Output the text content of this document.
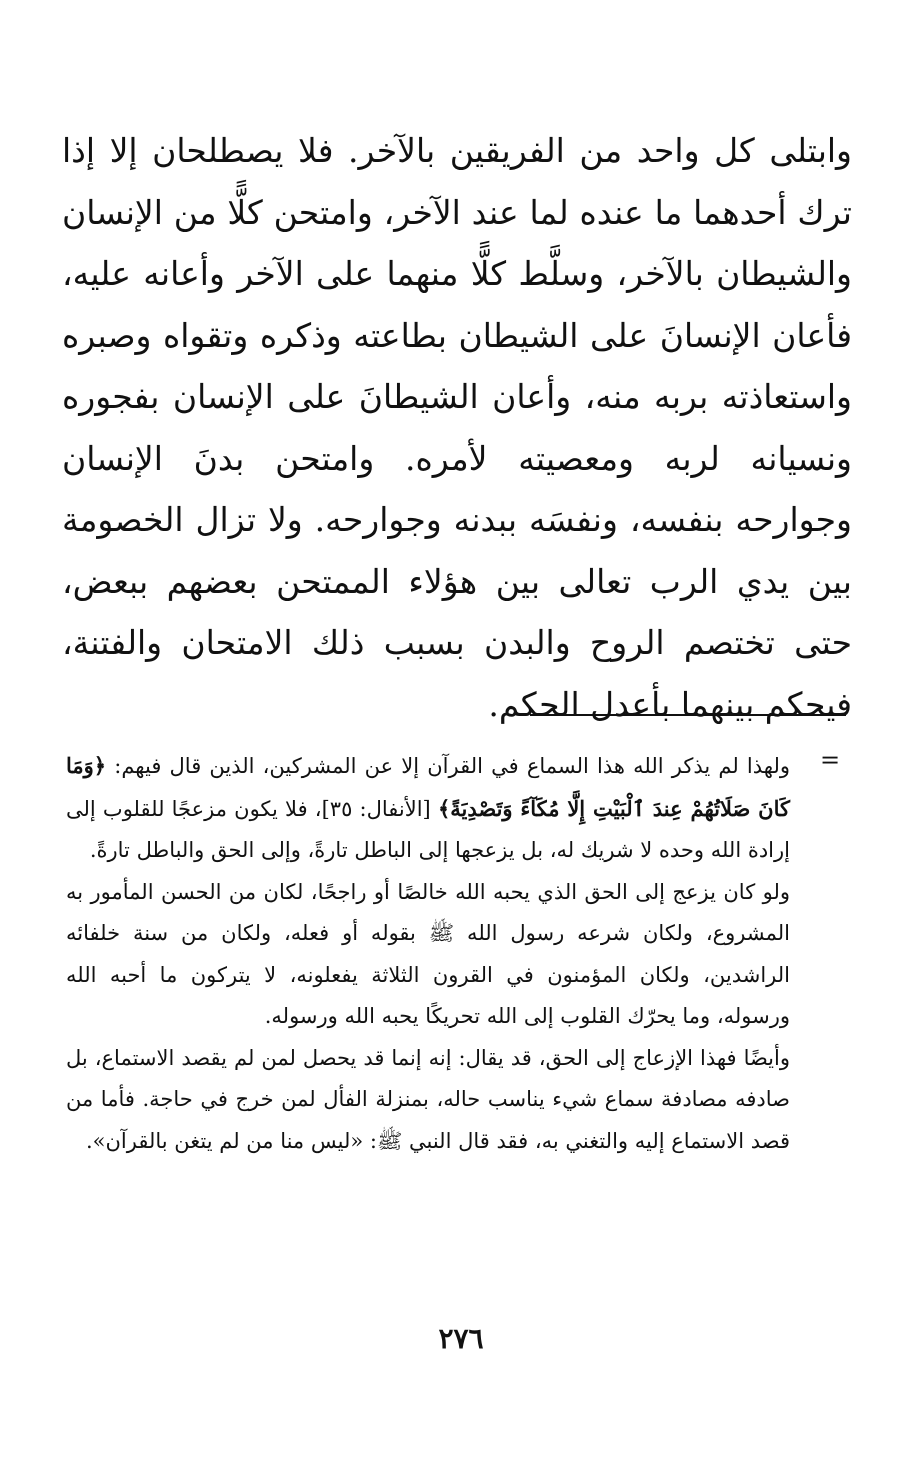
وابتلى كل واحد من الفريقين بالآخر. فلا يصطلحان إلا إذا ترك أحدهما ما عنده لما عند الآخر، وامتحن كلًّا من الإنسان والشيطان بالآخر، وسلَّط كلًّا منهما على الآخر وأعانه عليه، فأعان الإنسانَ على الشيطان بطاعته وذكره وتقواه وصبره واستعاذته بربه منه، وأعان الشيطانَ على الإنسان بفجوره ونسيانه لربه ومعصيته لأمره. وامتحن بدنَ الإنسان وجوارحه بنفسه، ونفسَه ببدنه وجوارحه. ولا تزال الخصومة بين يدي الرب تعالى بين هؤلاء الممتحن بعضهم ببعض، حتى تختصم الروح والبدن بسبب ذلك الامتحان والفتنة، فيحكم بينهما بأعدل الحكم.

=

ولهذا لم يذكر الله هذا السماع في القرآن إلا عن المشركين، الذين قال فيهم: ﴿وَمَا كَانَ صَلَاتُهُمْ عِندَ ٱلْبَيْتِ إِلَّا مُكَآءً وَتَصْدِيَةً﴾ [الأنفال: ٣٥]، فلا يكون مزعجًا للقلوب إلى إرادة الله وحده لا شريك له، بل يزعجها إلى الباطل تارةً، وإلى الحق والباطل تارةً.

ولو كان يزعج إلى الحق الذي يحبه الله خالصًا أو راجحًا، لكان من الحسن المأمور به المشروع، ولكان شرعه رسول الله ﷺ بقوله أو فعله، ولكان من سنة خلفائه الراشدين، ولكان المؤمنون في القرون الثلاثة يفعلونه، لا يتركون ما أحبه الله ورسوله، وما يحرّك القلوب إلى الله تحريكًا يحبه الله ورسوله.

وأيضًا فهذا الإزعاج إلى الحق، قد يقال: إنه إنما قد يحصل لمن لم يقصد الاستماع، بل صادفه مصادفة سماع شيء يناسب حاله، بمنزلة الفأل لمن خرج في حاجة. فأما من قصد الاستماع إليه والتغني به، فقد قال النبي ﷺ: «ليس منا من لم يتغن بالقرآن».

٢٧٦
